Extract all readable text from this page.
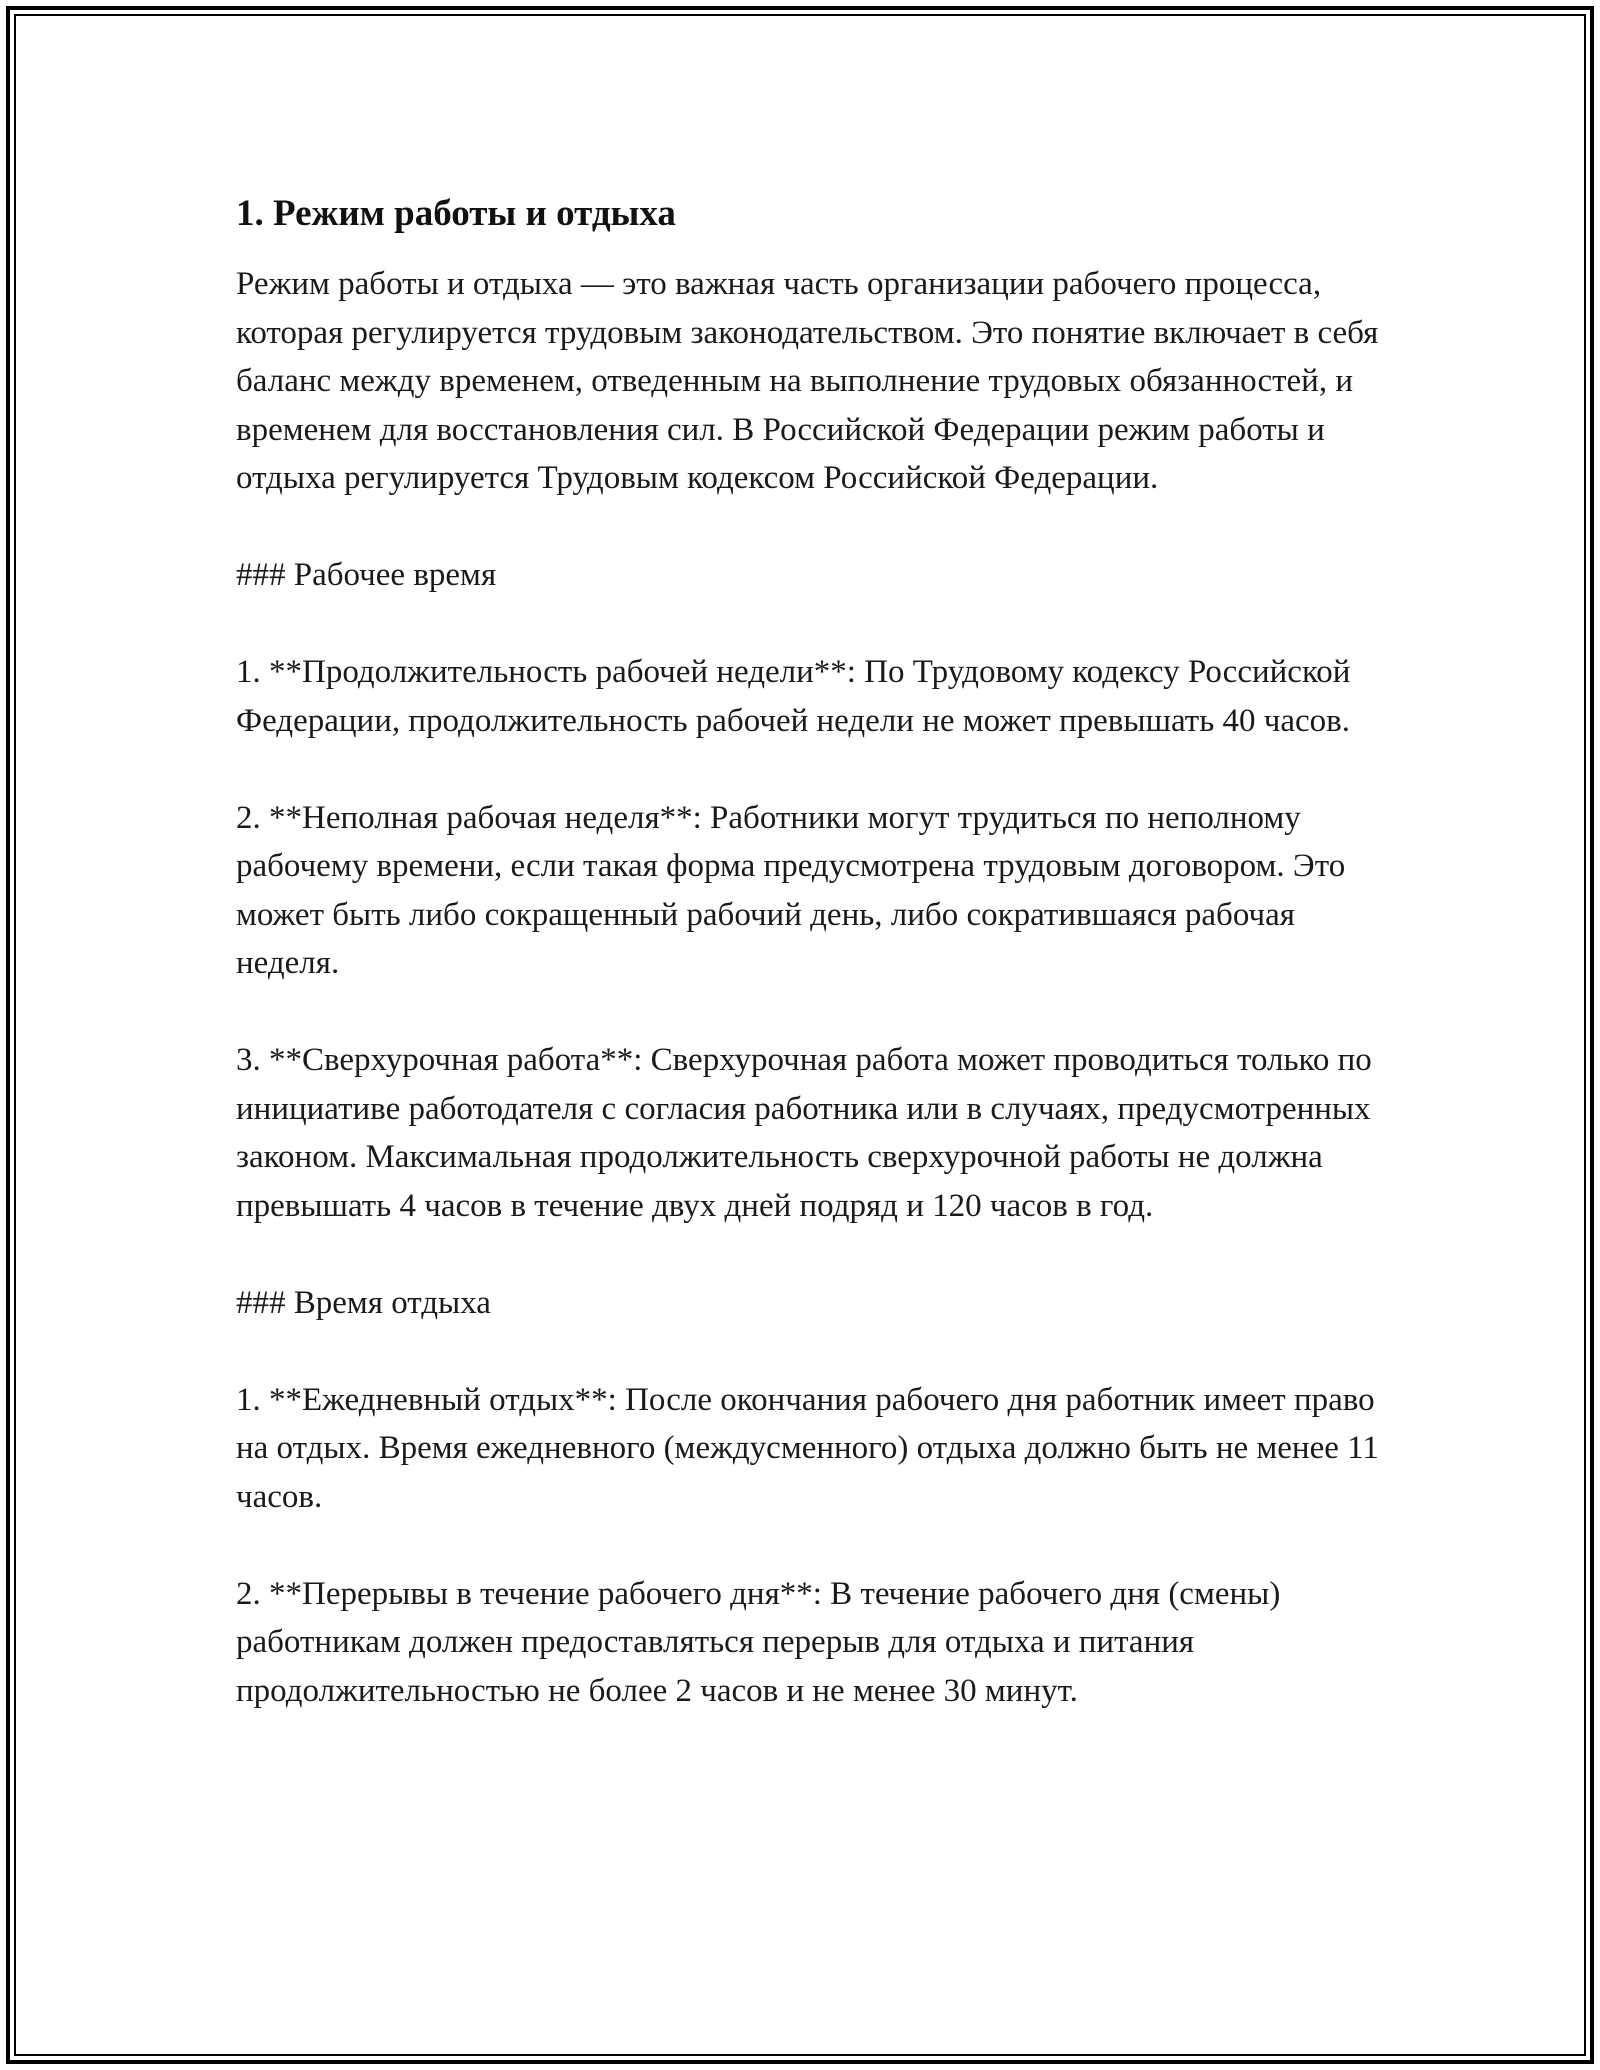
1. Режим работы и отдыха

Режим работы и отдыха — это важная часть организации рабочего процесса, которая регулируется трудовым законодательством. Это понятие включает в себя баланс между временем, отведенным на выполнение трудовых обязанностей, и временем для восстановления сил. В Российской Федерации режим работы и отдыха регулируется Трудовым кодексом Российской Федерации.

### Рабочее время

1. **Продолжительность рабочей недели**: По Трудовому кодексу Российской Федерации, продолжительность рабочей недели не может превышать 40 часов.

2. **Неполная рабочая неделя**: Работники могут трудиться по неполному рабочему времени, если такая форма предусмотрена трудовым договором. Это может быть либо сокращенный рабочий день, либо сократившаяся рабочая неделя.

3. **Сверхурочная работа**: Сверхурочная работа может проводиться только по инициативе работодателя с согласия работника или в случаях, предусмотренных законом. Максимальная продолжительность сверхурочной работы не должна превышать 4 часов в течение двух дней подряд и 120 часов в год.

### Время отдыха

1. **Ежедневный отдых**: После окончания рабочего дня работник имеет право на отдых. Время ежедневного (междусменного) отдыха должно быть не менее 11 часов.

2. **Перерывы в течение рабочего дня**: В течение рабочего дня (смены) работникам должен предоставляться перерыв для отдыха и питания продолжительностью не более 2 часов и не менее 30 минут.
